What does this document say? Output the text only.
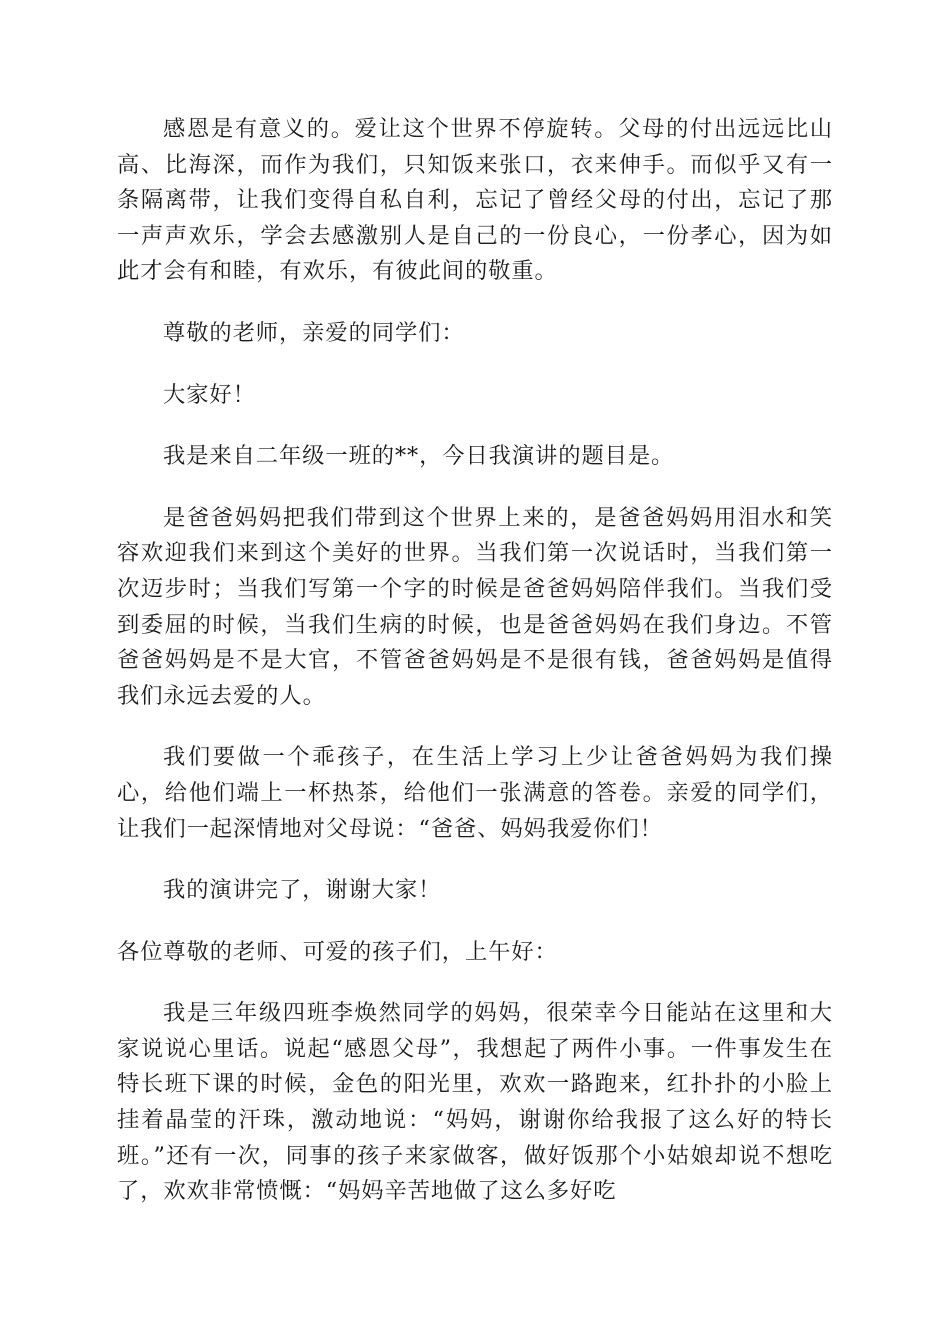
感恩是有意义的。爱让这个世界不停旋转。父母的付出远远比山高、比海深，而作为我们，只知饭来张口，衣来伸手。而似乎又有一条隔离带，让我们变得自私自利，忘记了曾经父母的付出，忘记了那一声声欢乐，学会去感激别人是自己的一份良心，一份孝心，因为如此才会有和睦，有欢乐，有彼此间的敬重。

尊敬的老师，亲爱的同学们：

大家好！

我是来自二年级一班的**，今日我演讲的题目是。

是爸爸妈妈把我们带到这个世界上来的，是爸爸妈妈用泪水和笑容欢迎我们来到这个美好的世界。当我们第一次说话时，当我们第一次迈步时；当我们写第一个字的时候是爸爸妈妈陪伴我们。当我们受到委屈的时候，当我们生病的时候，也是爸爸妈妈在我们身边。不管爸爸妈妈是不是大官，不管爸爸妈妈是不是很有钱，爸爸妈妈是值得我们永远去爱的人。

我们要做一个乖孩子，在生活上学习上少让爸爸妈妈为我们操心，给他们端上一杯热茶，给他们一张满意的答卷。亲爱的同学们，让我们一起深情地对父母说：“爸爸、妈妈我爱你们！

我的演讲完了，谢谢大家！

各位尊敬的老师、可爱的孩子们，上午好：

我是三年级四班李焕然同学的妈妈，很荣幸今日能站在这里和大家说说心里话。说起“感恩父母”，我想起了两件小事。一件事发生在特长班下课的时候，金色的阳光里，欢欢一路跑来，红扑扑的小脸上挂着晶莹的汗珠，激动地说：“妈妈，谢谢你给我报了这么好的特长班。”还有一次，同事的孩子来家做客，做好饭那个小姑娘却说不想吃了，欢欢非常愤慨：“妈妈辛苦地做了这么多好吃
